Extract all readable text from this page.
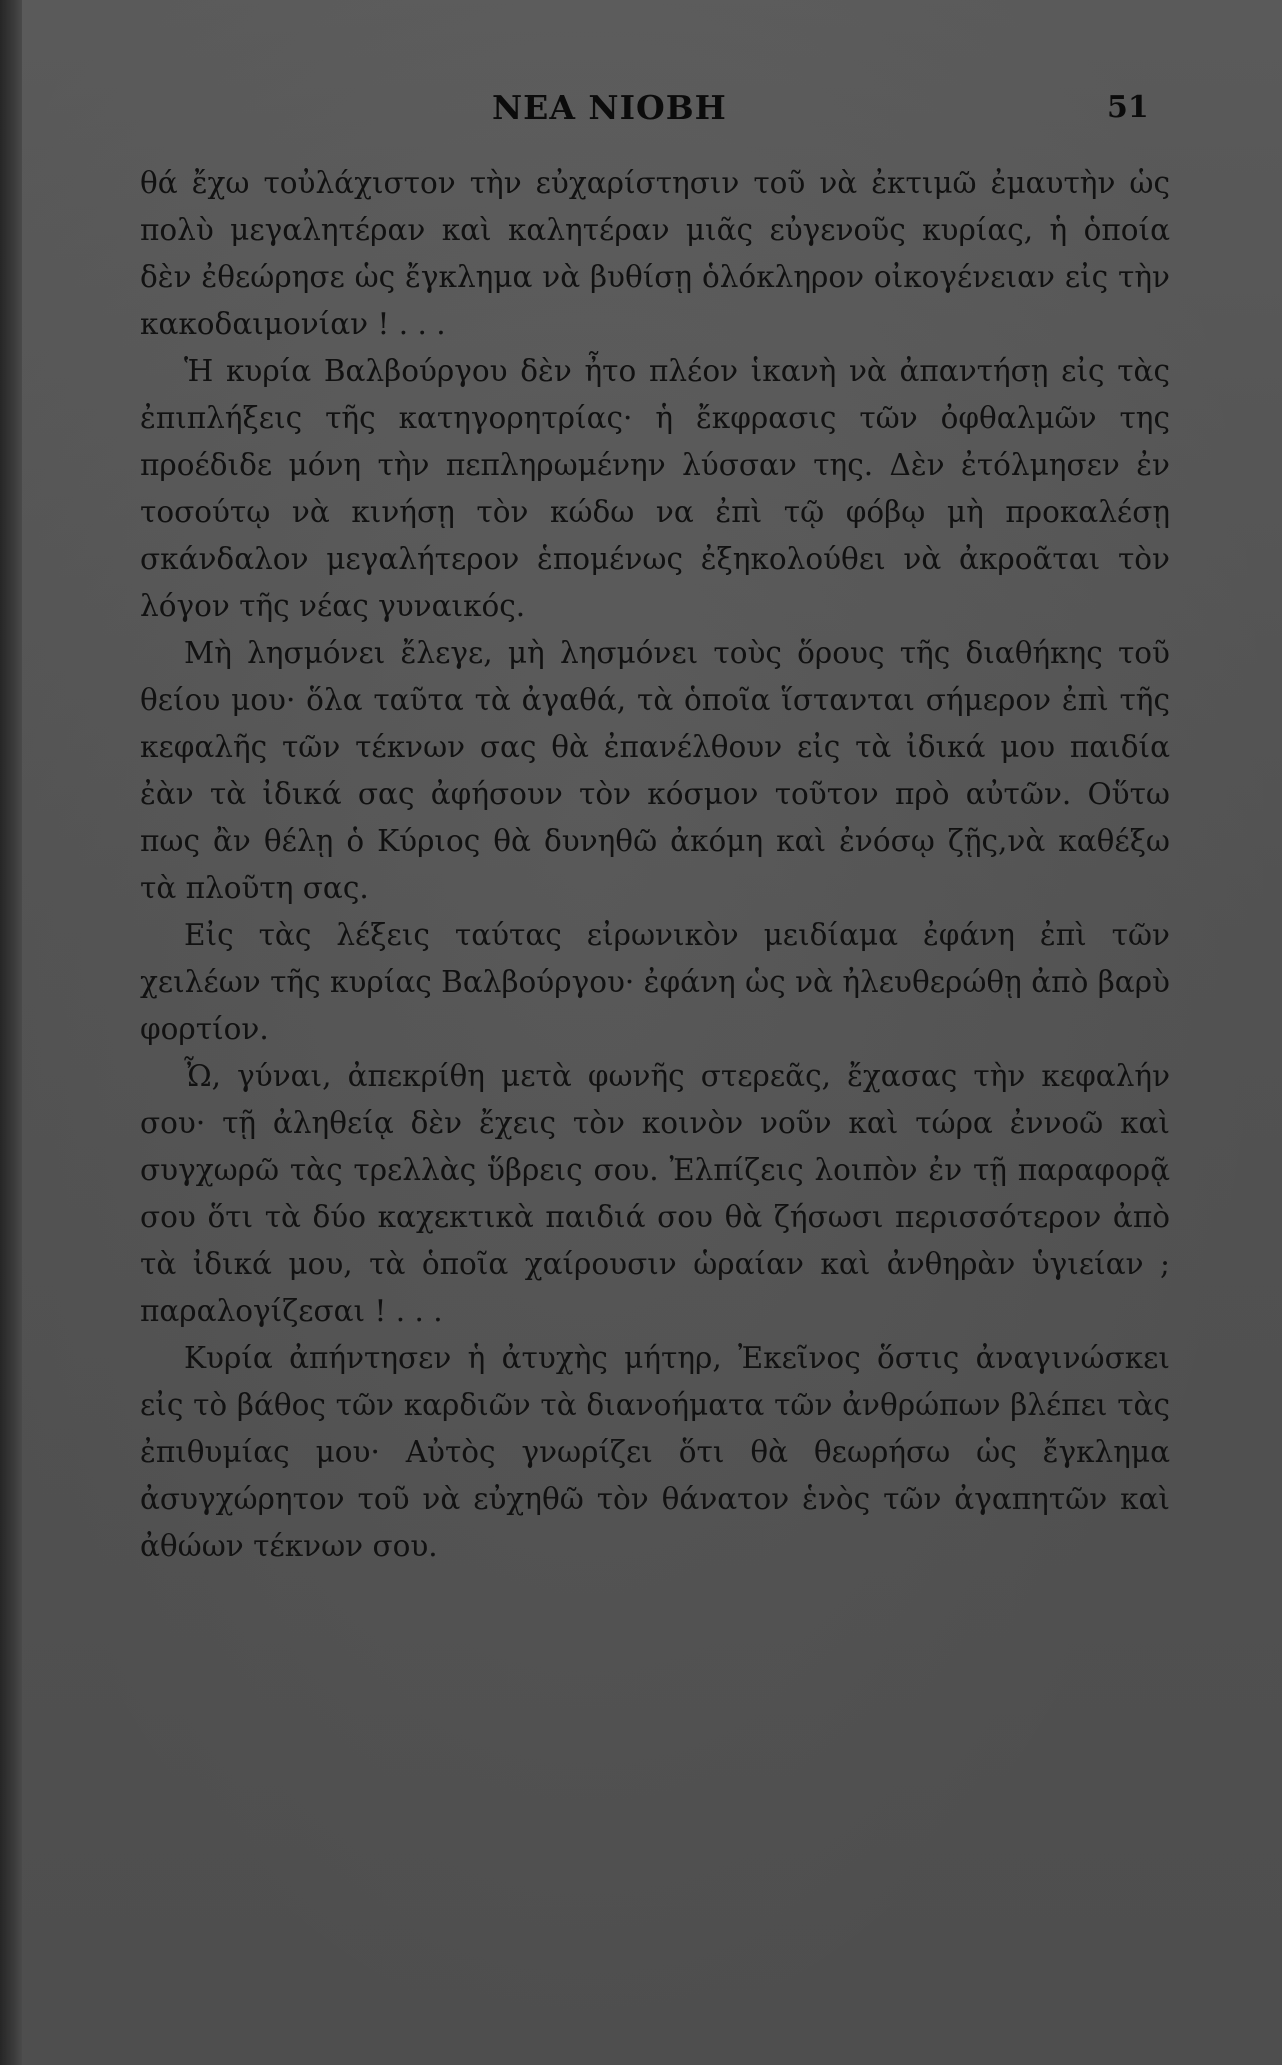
ΝΕΑ ΝΙΟΒΗ	51

θά ἔχω τοὐλάχιστον τὴν εὐχαρίστησιν τοῦ νὰ ἐκτιμῶ ἐμαυτὴν ὡς πολὺ μεγαλητέραν καὶ καλητέραν μιᾶς εὐγενοῦς κυρίας, ἡ ὁποία δὲν ἐθεώρησε ὡς ἔγκλημα νὰ βυθίσῃ ὁλόκληρον οἰκογένειαν εἰς τὴν κακοδαιμονίαν ! . . .

Ἡ κυρία Βαλβούργου δὲν ἦτο πλέον ἱκανὴ νὰ ἀπαντήσῃ εἰς τὰς ἐπιπλήξεις τῆς κατηγορητρίας· ἡ ἔκφρασις τῶν ὀφθαλμῶν της προέδιδε μόνη τὴν πεπληρωμένην λύσσαν της. Δὲν ἐτόλμησεν ἐν τοσούτῳ νὰ κινήσῃ τὸν κώδω να ἐπὶ τῷ φόβῳ μὴ προκαλέσῃ σκάνδαλον μεγαλήτερον ἑπομένως ἐξηκολούθει νὰ ἀκροᾶται τὸν λόγον τῆς νέας γυναικός.

Μὴ λησμόνει ἔλεγε, μὴ λησμόνει τοὺς ὅρους τῆς διαθήκης τοῦ θείου μου· ὅλα ταῦτα τὰ ἀγαθά, τὰ ὁποῖα ἵστανται σήμερον ἐπὶ τῆς κεφαλῆς τῶν τέκνων σας θὰ ἐπανέλθουν εἰς τὰ ἰδικά μου παιδία ἐὰν τὰ ἰδικά σας ἀφήσουν τὸν κόσμον τοῦτον πρὸ αὐτῶν. Οὕτω πως ἂν θέλῃ ὁ Κύριος θὰ δυνηθῶ ἀκόμη καὶ ἐνόσῳ ζῇς,νὰ καθέξω τὰ πλοῦτη σας.

Εἰς τὰς λέξεις ταύτας εἰρωνικὸν μειδίαμα ἐφάνη ἐπὶ τῶν χειλέων τῆς κυρίας Βαλβούργου· ἐφάνη ὡς νὰ ἠλευθερώθῃ ἀπὸ βαρὺ φορτίον.

Ὦ, γύναι, ἀπεκρίθη μετὰ φωνῆς στερεᾶς, ἔχασας τὴν κεφαλήν σου· τῇ ἀληθείᾳ δὲν ἔχεις τὸν κοινὸν νοῦν καὶ τώρα ἐννοῶ καὶ συγχωρῶ τὰς τρελλὰς ὕβρεις σου. Ἐλπίζεις λοιπὸν ἐν τῇ παραφορᾷ σου ὅτι τὰ δύο καχεκτικὰ παιδιά σου θὰ ζήσωσι περισσότερον ἀπὸ τὰ ἰδικά μου, τὰ ὁποῖα χαίρουσιν ὡραίαν καὶ ἀνθηρὰν ὑγιείαν ; παραλογίζεσαι ! . . .

Κυρία ἀπήντησεν ἡ ἀτυχὴς μήτηρ, Ἐκεῖνος ὅστις ἀναγινώσκει εἰς τὸ βάθος τῶν καρδιῶν τὰ διανοήματα τῶν ἀνθρώπων βλέπει τὰς ἐπιθυμίας μου· Αὐτὸς γνωρίζει ὅτι θὰ θεωρήσω ὡς ἔγκλημα ἀσυγχώρητον τοῦ νὰ εὐχηθῶ τὸν θάνατον ἑνὸς τῶν ἀγαπητῶν καὶ ἀθώων τέκνων σου.
